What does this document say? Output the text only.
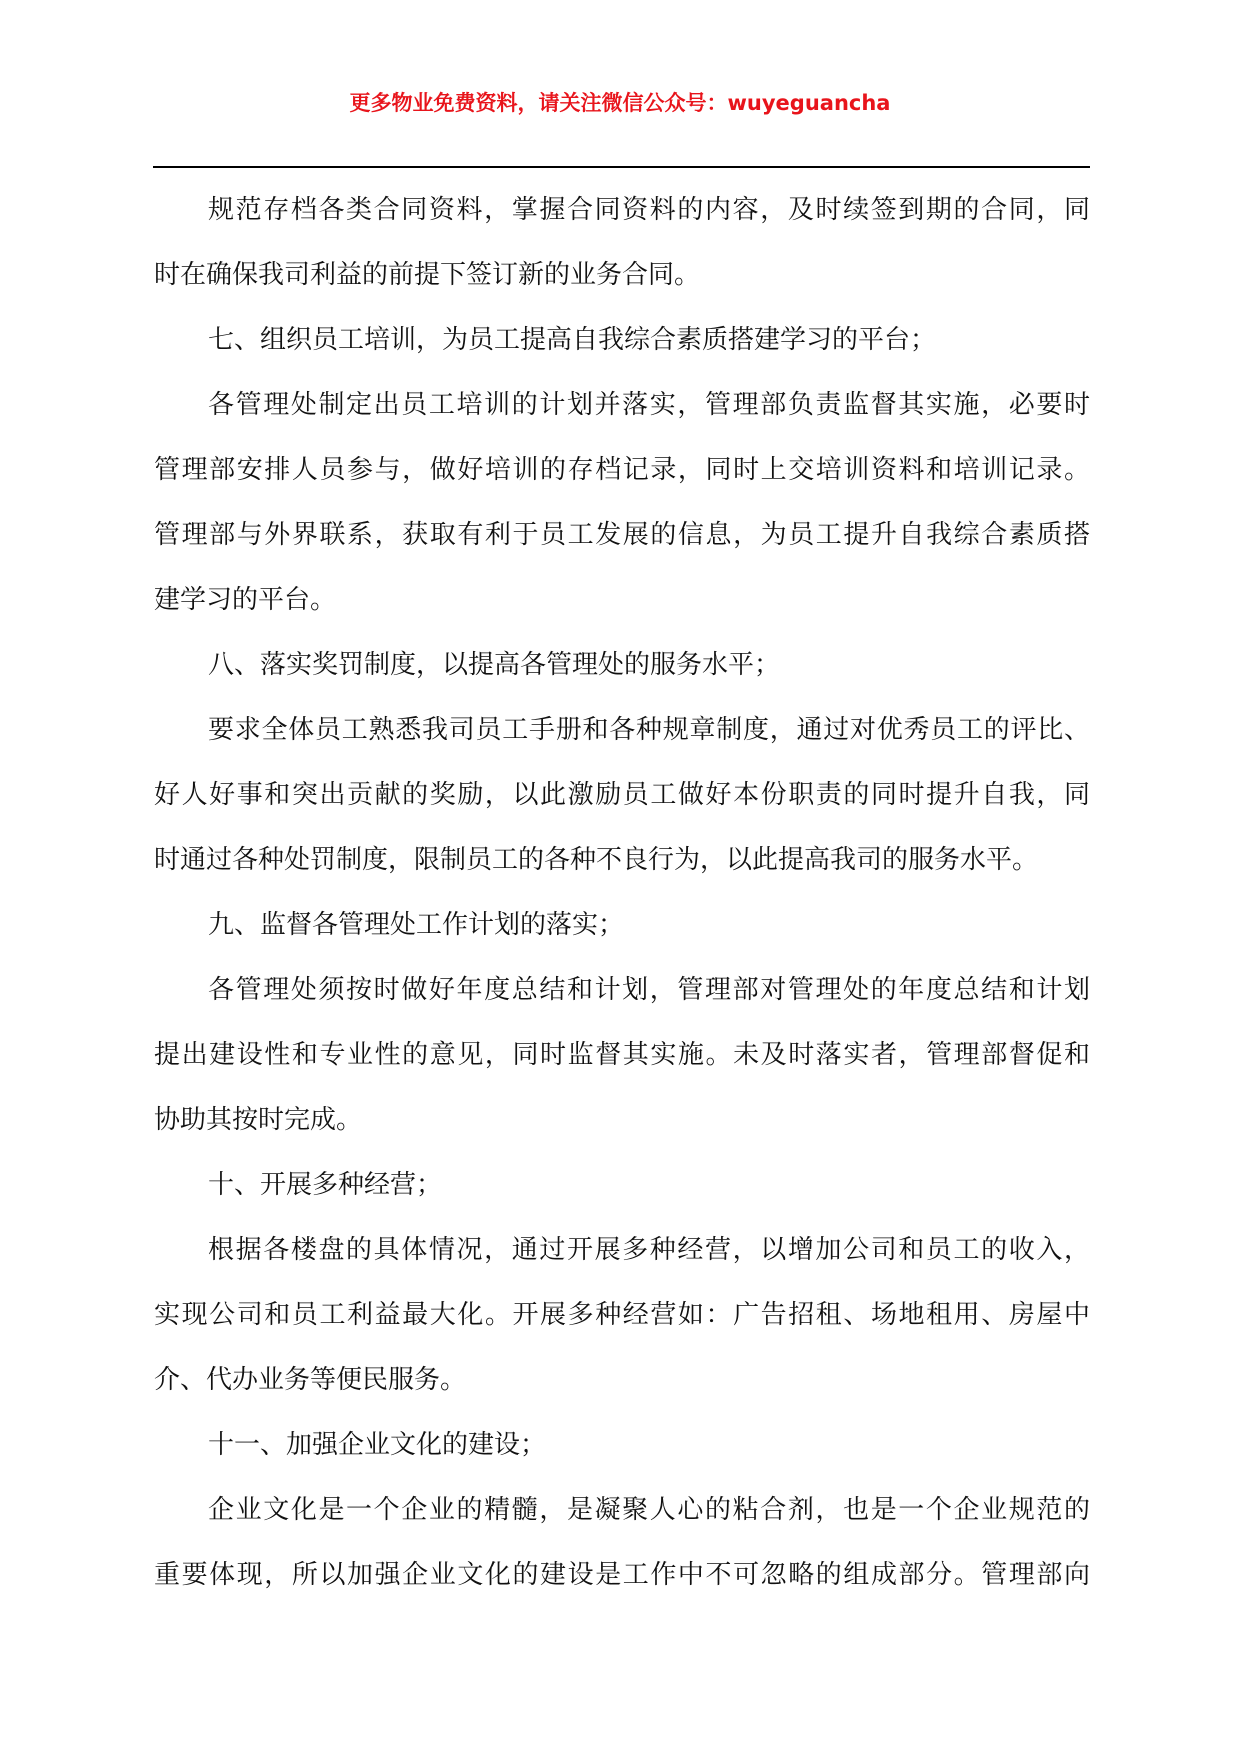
更多物业免费资料，请关注微信公众号：wuyeguancha
规范存档各类合同资料，掌握合同资料的内容，及时续签到期的合同，同
时在确保我司利益的前提下签订新的业务合同。
七、组织员工培训，为员工提高自我综合素质搭建学习的平台；
各管理处制定出员工培训的计划并落实，管理部负责监督其实施，必要时
管理部安排人员参与，做好培训的存档记录，同时上交培训资料和培训记录。
管理部与外界联系，获取有利于员工发展的信息，为员工提升自我综合素质搭
建学习的平台。
八、落实奖罚制度，以提高各管理处的服务水平；
要求全体员工熟悉我司员工手册和各种规章制度，通过对优秀员工的评比、
好人好事和突出贡献的奖励，以此激励员工做好本份职责的同时提升自我，同
时通过各种处罚制度，限制员工的各种不良行为，以此提高我司的服务水平。
九、监督各管理处工作计划的落实；
各管理处须按时做好年度总结和计划，管理部对管理处的年度总结和计划
提出建设性和专业性的意见，同时监督其实施。未及时落实者，管理部督促和
协助其按时完成。
十、开展多种经营；
根据各楼盘的具体情况，通过开展多种经营，以增加公司和员工的收入，
实现公司和员工利益最大化。开展多种经营如：广告招租、场地租用、房屋中
介、代办业务等便民服务。
十一、加强企业文化的建设；
企业文化是一个企业的精髓，是凝聚人心的粘合剂，也是一个企业规范的
重要体现，所以加强企业文化的建设是工作中不可忽略的组成部分。管理部向
